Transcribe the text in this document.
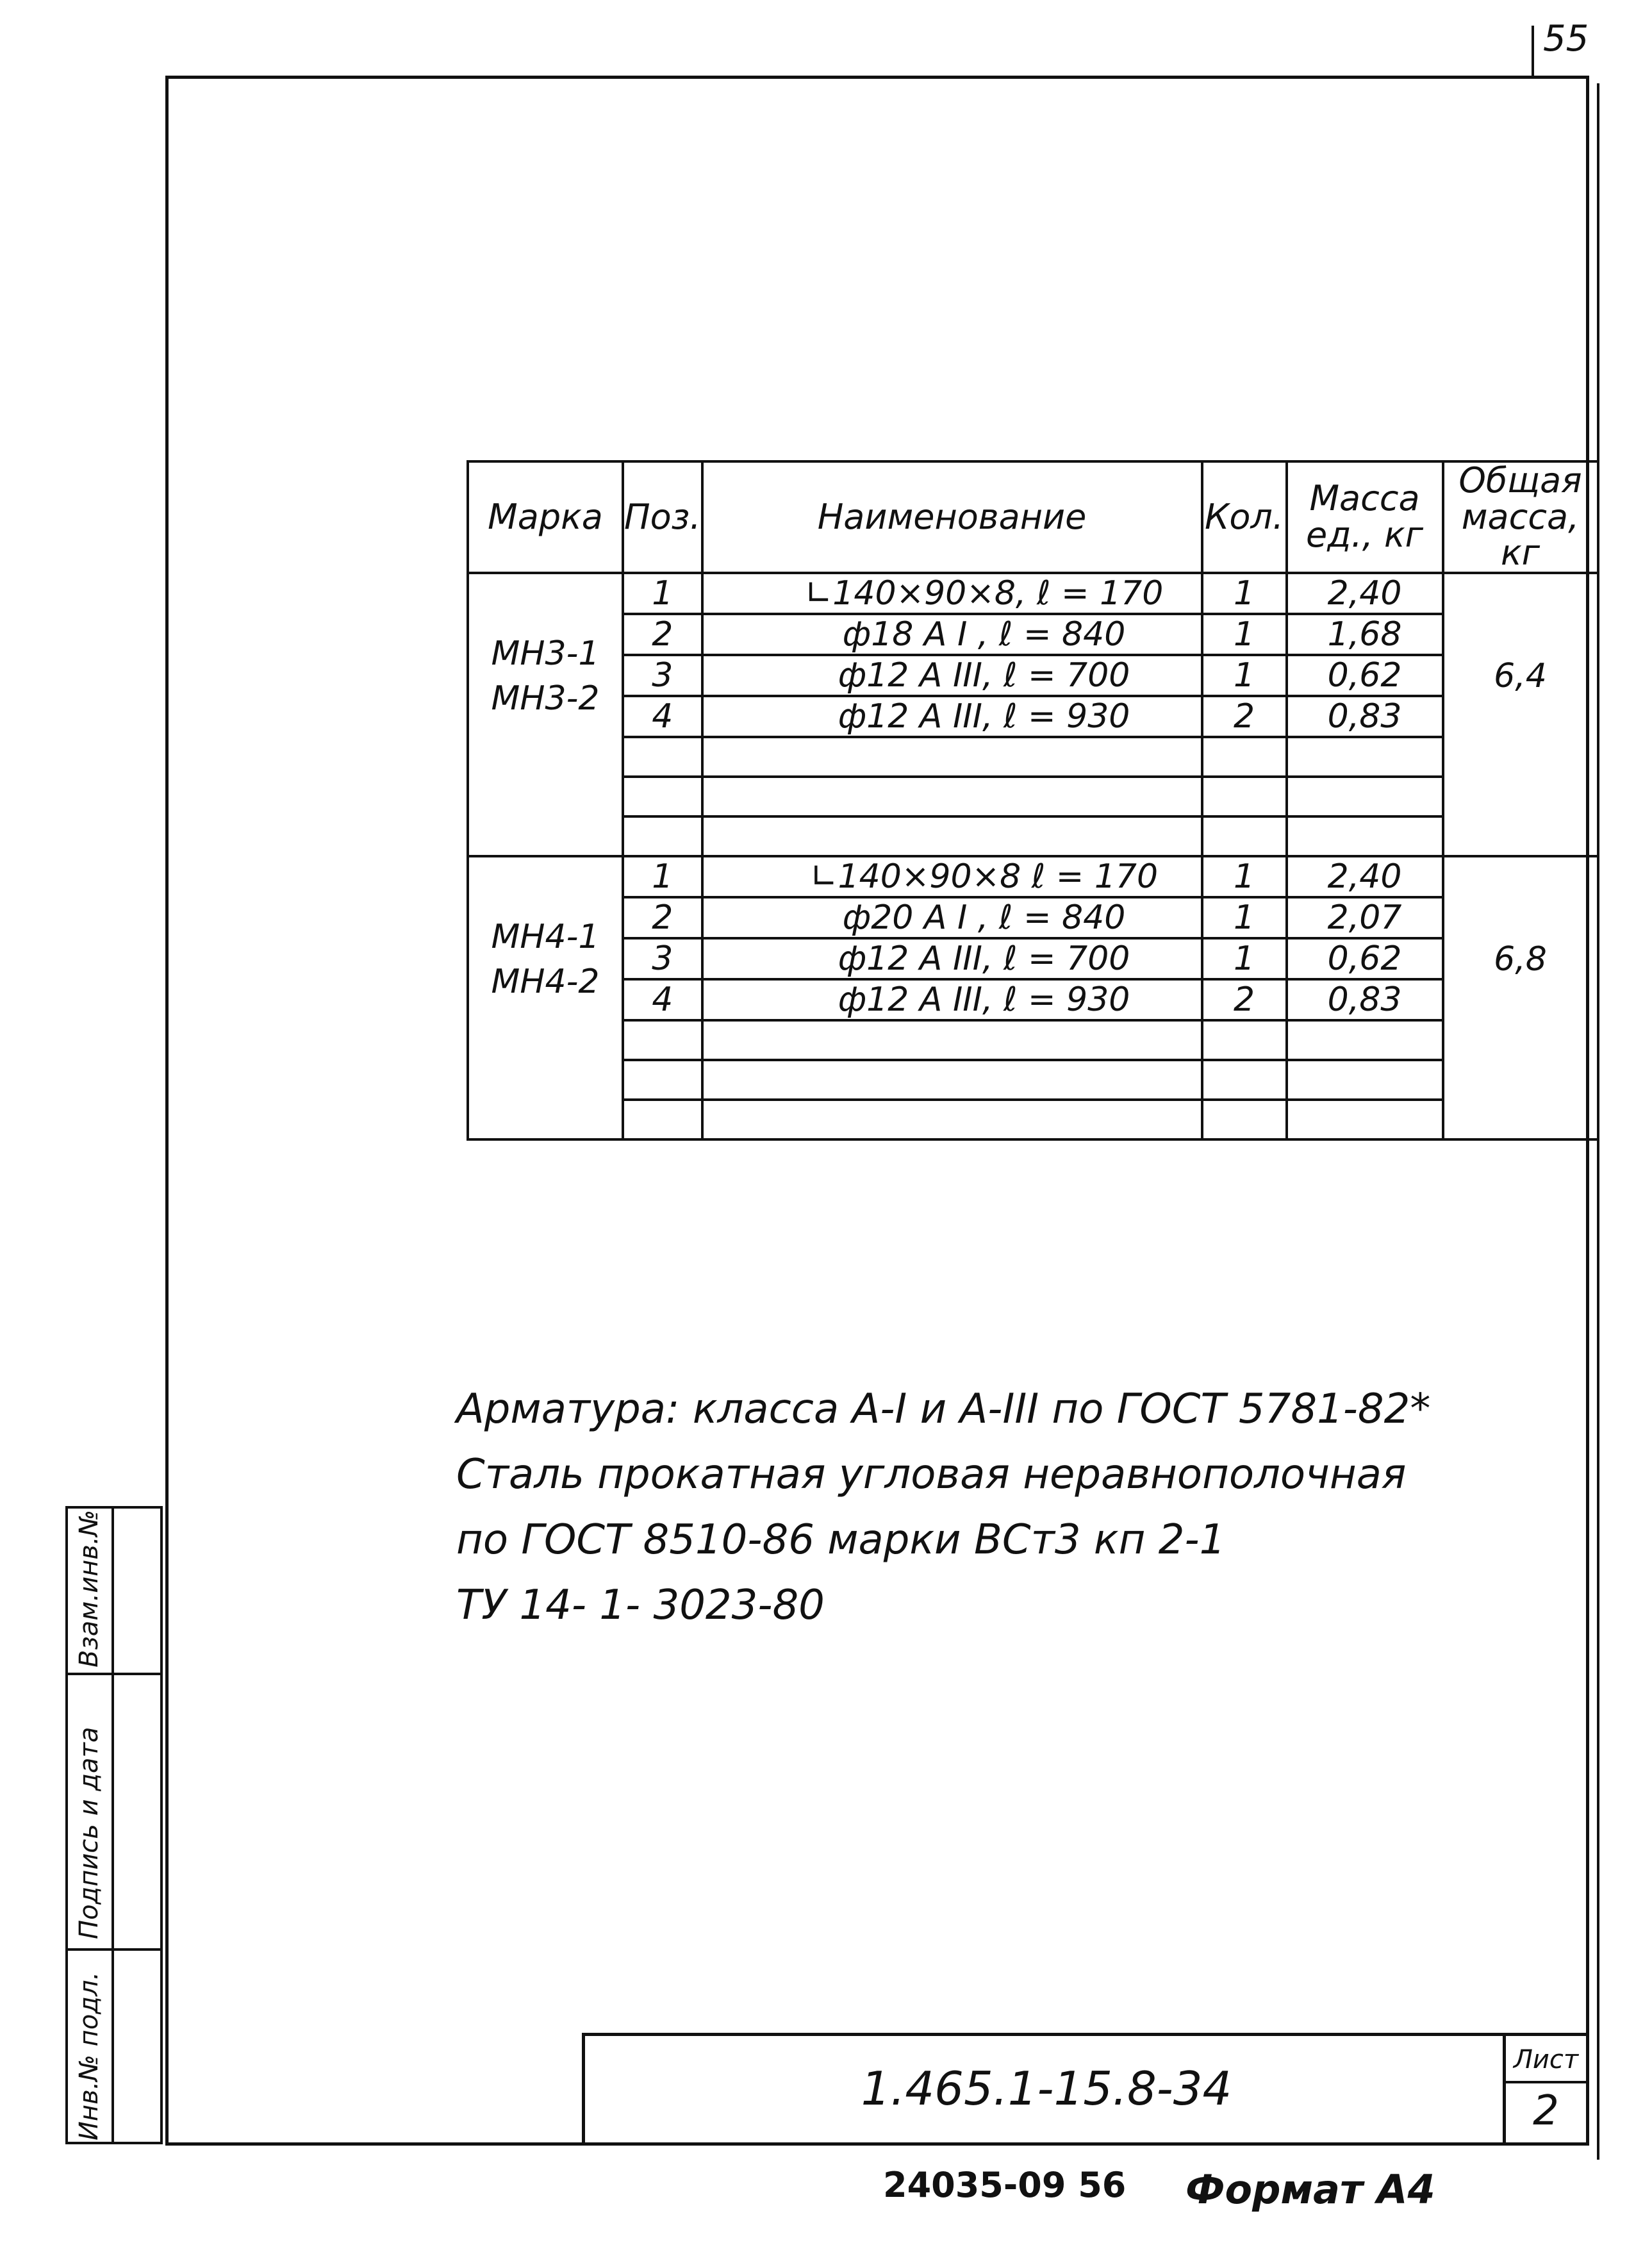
55
Марка	Поз.	Наименование	Кол.	Масса ед., кг	Общая масса, кг

МН3-1
МН3-2	1	∟140×90×8, ℓ = 170	1	2,40	6,4
	2	ф18 А I , ℓ = 840	1	1,68	
	3	ф12 А III, ℓ = 700	1	0,62	
	4	ф12 А III, ℓ = 930	2	0,83	

МН4-1
МН4-2	1	∟140×90×8 ℓ = 170	1	2,40	6,8
	2	ф20 А I , ℓ = 840	1	2,07	
	3	ф12 А III, ℓ = 700	1	0,62	
	4	ф12 А III, ℓ = 930	2	0,83	

Арматура: класса А-I и А-III по ГОСТ 5781-82*
Сталь прокатная угловая неравнополочная
по ГОСТ 8510-86 марки ВСт3 кп 2-1
ТУ 14- 1- 3023-80
Взам.инв.№
Подпись и дата
Инв.№ подл.	1.465.1-15.8-34
Лист
2
24035-09 56 Формат А4
